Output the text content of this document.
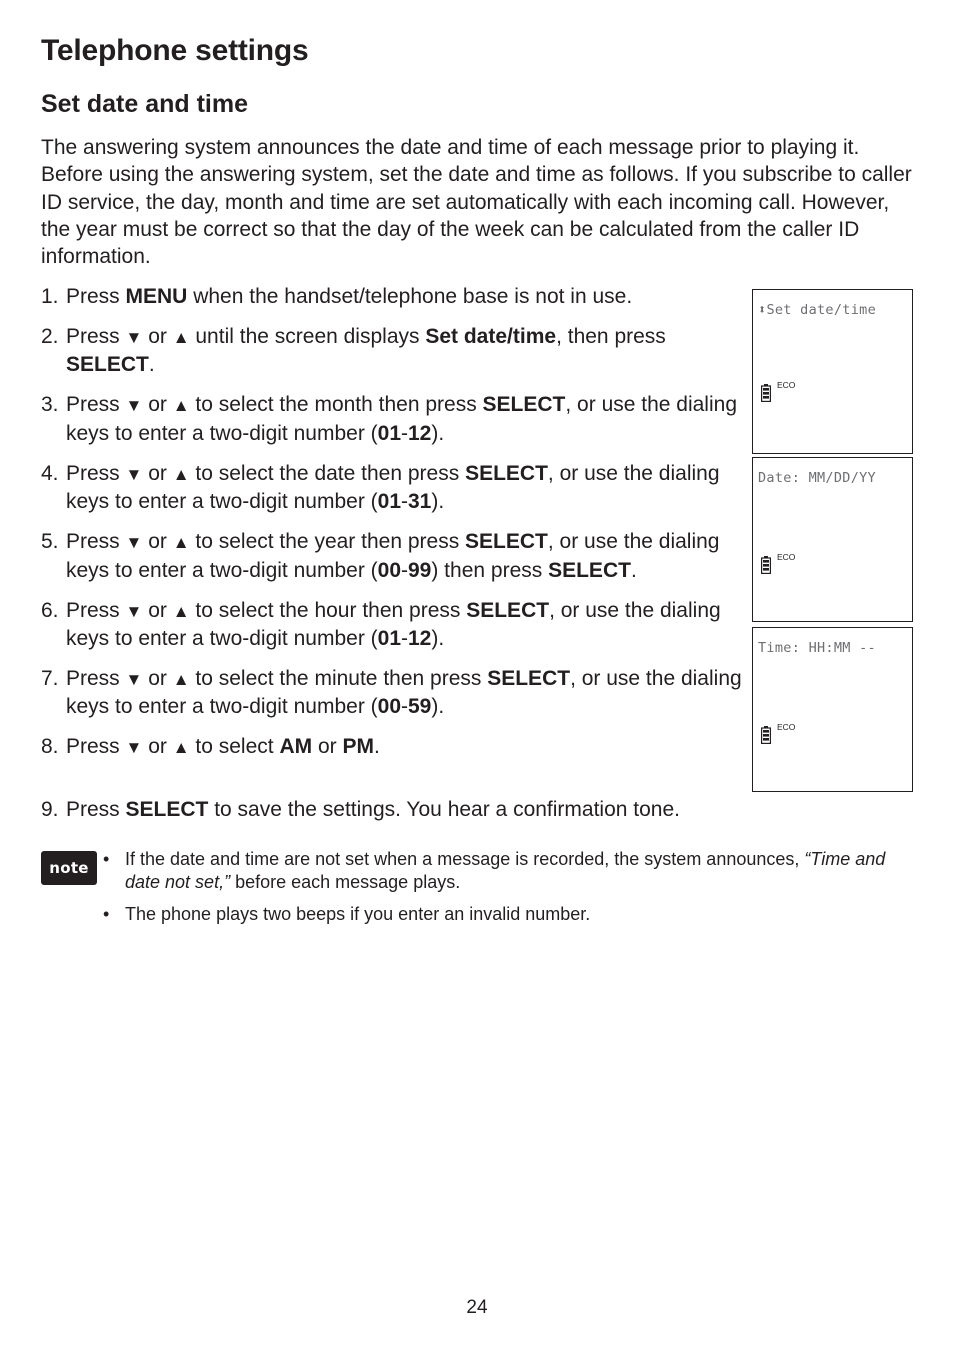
Telephone settings
Set date and time

The answering system announces the date and time of each message prior to playing it. Before using the answering system, set the date and time as follows. If you subscribe to caller ID service, the day, month and time are set automatically with each incoming call. However, the year must be correct so that the day of the week can be calculated from the caller ID information.

1. Press MENU when the handset/telephone base is not in use.
2. Press ▼ or ▲ until the screen displays Set date/time, then press SELECT.
3. Press ▼ or ▲ to select the month then press SELECT, or use the dialing keys to enter a two-digit number (01-12).
4. Press ▼ or ▲ to select the date then press SELECT, or use the dialing keys to enter a two-digit number (01-31).
5. Press ▼ or ▲ to select the year then press SELECT, or use the dialing keys to enter a two-digit number (00-99) then press SELECT.
6. Press ▼ or ▲ to select the hour then press SELECT, or use the dialing keys to enter a two-digit number (01-12).
7. Press ▼ or ▲ to select the minute then press SELECT, or use the dialing keys to enter a two-digit number (00-59).
8. Press ▼ or ▲ to select AM or PM.
9. Press SELECT to save the settings. You hear a confirmation tone.
⬍Set date/time
ECO
Date: MM/DD/YY
ECO
Time: HH:MM --
ECO
note • If the date and time are not set when a message is recorded, the system announces, “Time and date not set,” before each message plays.
• The phone plays two beeps if you enter an invalid number.
24
